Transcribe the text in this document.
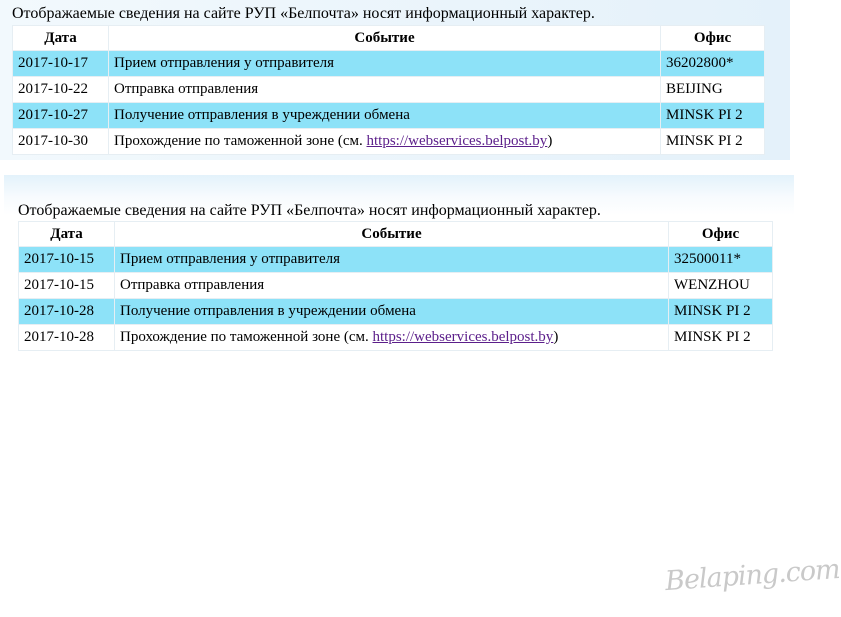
Отображаемые сведения на сайте РУП «Белпочта» носят информационный характер.
Дата	Событие	Офис
2017-10-17	Прием отправления у отправителя	36202800*
2017-10-22	Отправка отправления	BEIJING
2017-10-27	Получение отправления в учреждении обмена	MINSK PI 2
2017-10-30	Прохождение по таможенной зоне (см. https://webservices.belpost.by)	MINSK PI 2
Отображаемые сведения на сайте РУП «Белпочта» носят информационный характер.
Дата	Событие	Офис
2017-10-15	Прием отправления у отправителя	32500011*
2017-10-15	Отправка отправления	WENZHOU
2017-10-28	Получение отправления в учреждении обмена	MINSK PI 2
2017-10-28	Прохождение по таможенной зоне (см. https://webservices.belpost.by)	MINSK PI 2
Belaping.com
